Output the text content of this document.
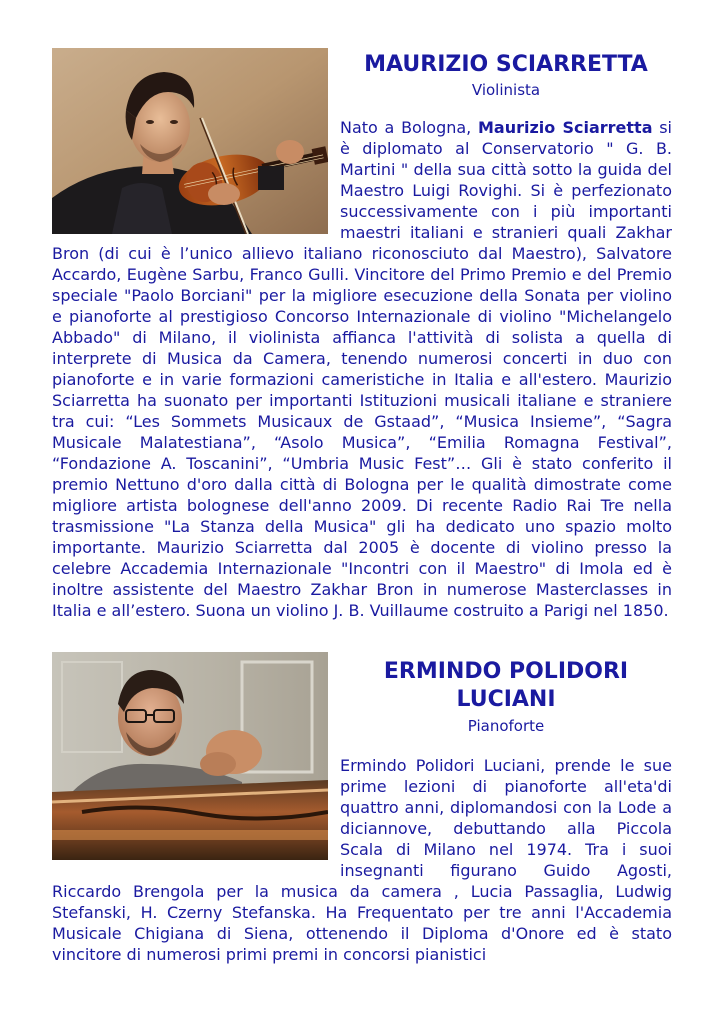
MAURIZIO SCIARRETTA
Violinista
Nato a Bologna, Maurizio Sciarretta si è diplomato al Conservatorio " G. B. Martini " della sua città sotto la guida del Maestro Luigi Rovighi. Si è perfezionato successivamente con i più importanti maestri italiani e stranieri quali Zakhar Bron (di cui è l’unico allievo italiano riconosciuto dal Maestro), Salvatore Accardo, Eugène Sarbu, Franco Gulli. Vincitore del Primo Premio e del Premio speciale "Paolo Borciani" per la migliore esecuzione della Sonata per violino e pianoforte al prestigioso Concorso Internazionale di violino "Michelangelo Abbado" di Milano, il violinista affianca l'attività di solista a quella di interprete di Musica da Camera, tenendo numerosi concerti in duo con pianoforte e in varie formazioni cameristiche in Italia e all'estero. Maurizio Sciarretta ha suonato per importanti Istituzioni musicali italiane e straniere tra cui: “Les Sommets Musicaux de Gstaad”, “Musica Insieme”, “Sagra Musicale Malatestiana”, “Asolo Musica”, “Emilia Romagna Festival”, “Fondazione A. Toscanini”, “Umbria Music Fest”… Gli è stato conferito il premio Nettuno d'oro dalla città di Bologna per le qualità dimostrate come migliore artista bolognese dell'anno 2009. Di recente Radio Rai Tre nella trasmissione "La Stanza della Musica" gli ha dedicato uno spazio molto importante. Maurizio Sciarretta dal 2005 è docente di violino presso la celebre Accademia Internazionale "Incontri con il Maestro" di Imola ed è inoltre assistente del Maestro Zakhar Bron in numerose Masterclasses in Italia e all’estero. Suona un violino J. B. Vuillaume costruito a Parigi nel 1850.
ERMINDO POLIDORI LUCIANI
Pianoforte
Ermindo Polidori Luciani, prende le sue prime lezioni di pianoforte all'eta'di quattro anni, diplomandosi con la Lode a diciannove, debuttando alla Piccola Scala di Milano nel 1974. Tra i suoi insegnanti figurano Guido Agosti, Riccardo Brengola per la musica da camera , Lucia Passaglia, Ludwig Stefanski, H. Czerny Stefanska. Ha Frequentato per tre anni l'Accademia Musicale Chigiana di Siena, ottenendo il Diploma d'Onore ed è stato vincitore di numerosi primi premi in concorsi pianistici
